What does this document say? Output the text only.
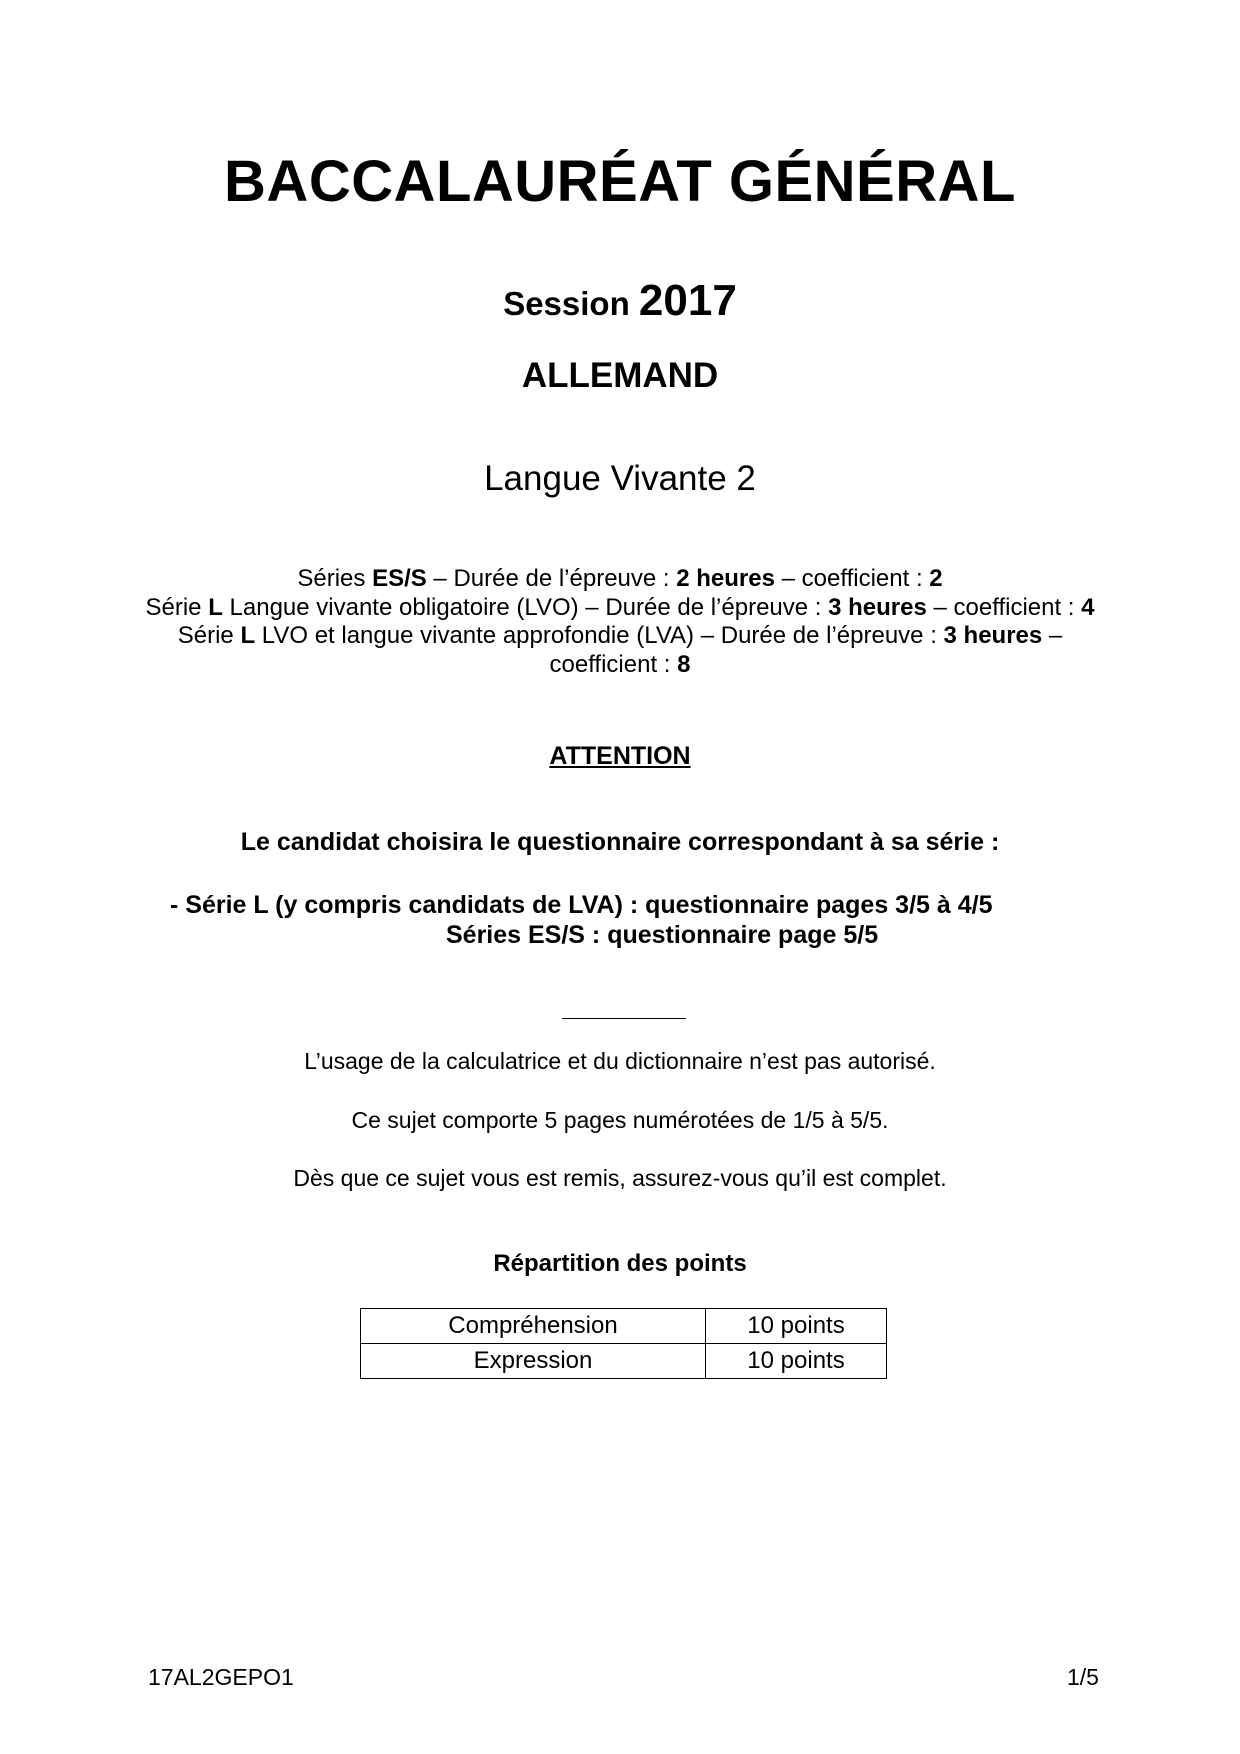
BACCALAURÉAT GÉNÉRAL
Session 2017
ALLEMAND
Langue Vivante 2
Séries ES/S – Durée de l’épreuve : 2 heures – coefficient : 2
Série L Langue vivante obligatoire (LVO) – Durée de l’épreuve : 3 heures – coefficient : 4
Série L LVO et langue vivante approfondie (LVA) – Durée de l’épreuve : 3 heures –
coefficient : 8
ATTENTION
Le candidat choisira le questionnaire correspondant à sa série :
- Série L (y compris candidats de LVA) : questionnaire pages 3/5 à 4/5
Séries ES/S : questionnaire page 5/5
L’usage de la calculatrice et du dictionnaire n’est pas autorisé.
Ce sujet comporte 5 pages numérotées de 1/5 à 5/5.
Dès que ce sujet vous est remis, assurez-vous qu’il est complet.
Répartition des points
Compréhension	10 points
Expression	10 points
17AL2GEPO1	1/5
